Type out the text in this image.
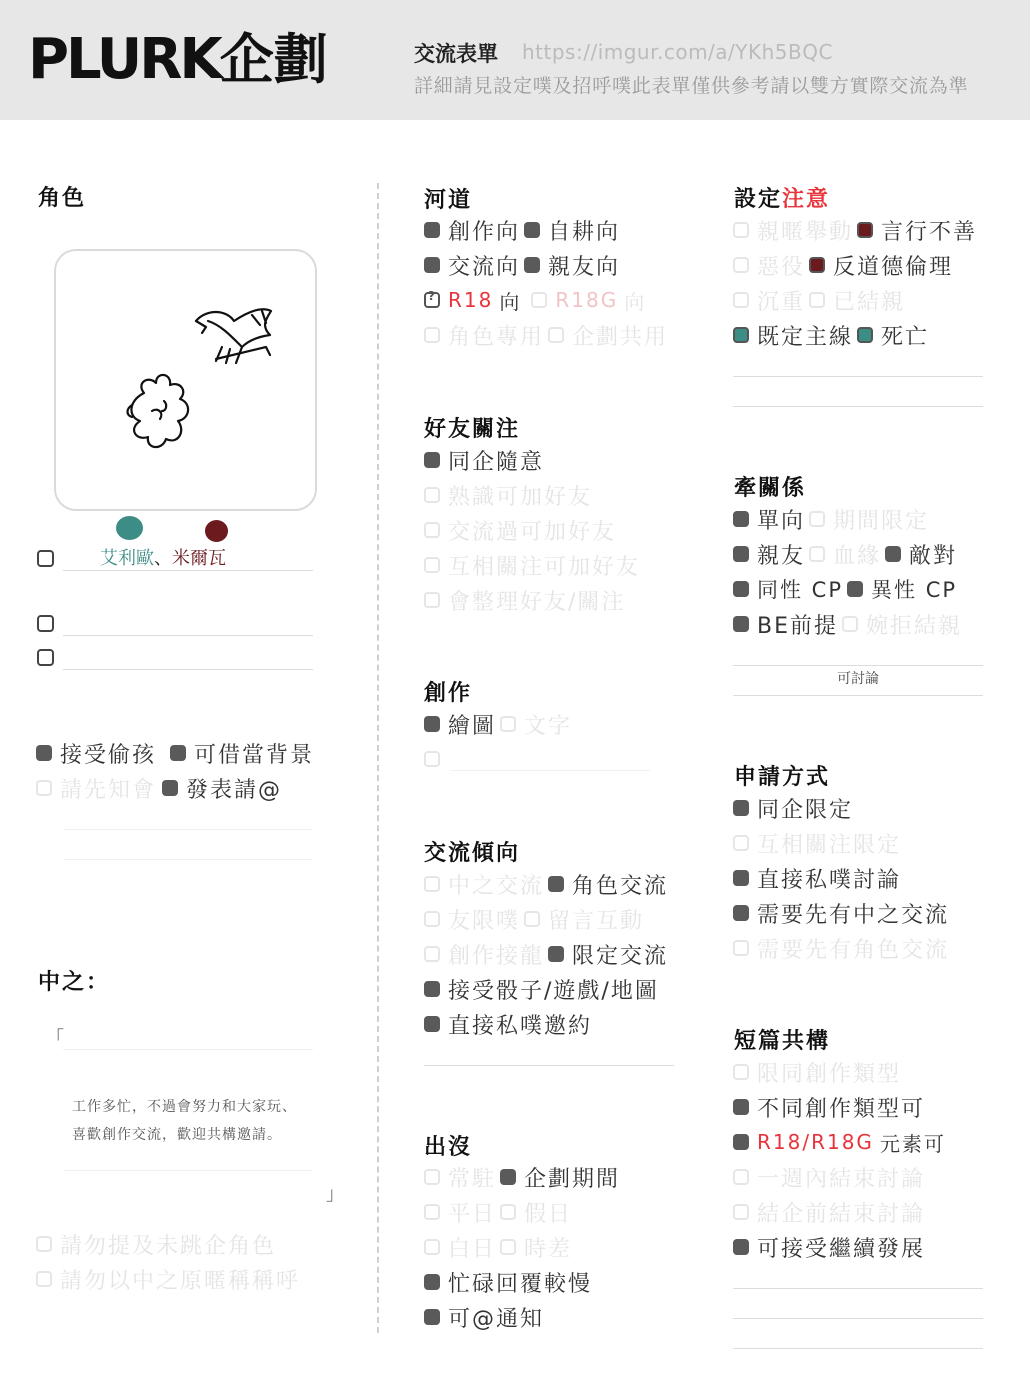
PLURK企劃	交流表單 https://imgur.com/a/YKh5BQC
詳細請見設定噗及招呼噗此表單僅供參考請以雙方實際交流為準
角色
艾利歐、米爾瓦
接受偷孩 可借當背景
請先知會 發表請@
中之：
「
工作多忙，不過會努力和大家玩、
喜歡創作交流，歡迎共構邀請。
」
請勿提及未跳企角色
請勿以中之原暱稱稱呼
河道
創作向 自耕向
交流向 親友向
?
R18 向 R18G 向
角色專用 企劃共用
好友關注
同企隨意
熟識可加好友
交流過可加好友
互相關注可加好友
會整理好友/關注
創作
繪圖 文字
交流傾向
中之交流 角色交流
友限噗 留言互動
創作接龍 限定交流
接受骰子/遊戲/地圖
直接私噗邀約
出沒
常駐 企劃期間
平日 假日
白日 時差
忙碌回覆較慢
可@通知
設定注意
親暱舉動 言行不善
惡役 反道德倫理
沉重 已結親
既定主線 死亡
牽關係
單向 期間限定
親友 血緣 敵對
同性 CP 異性 CP
BE前提 婉拒結親
可討論
申請方式
同企限定
互相關注限定
直接私噗討論
需要先有中之交流
需要先有角色交流
短篇共構
限同創作類型
不同創作類型可
R18/R18G 元素可
一週內結束討論
結企前結束討論
可接受繼續發展
